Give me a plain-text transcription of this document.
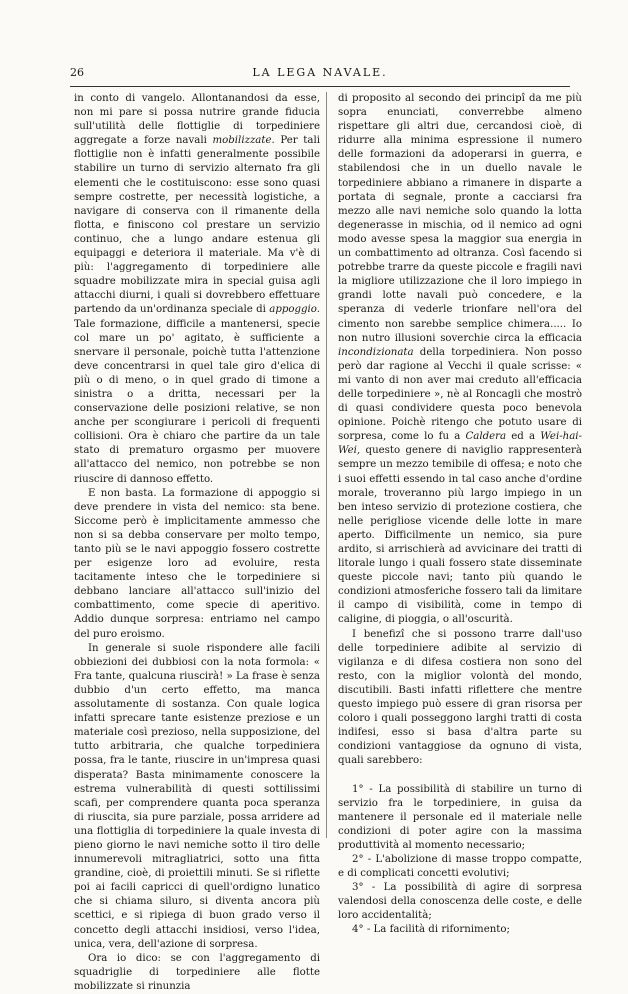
26	LA LEGA NAVALE.

in conto di vangelo. Allontanandosi da esse, non mi pare si possa nutrire grande fiducia sull'utilità delle flottiglie di torpediniere aggregate a forze navali mobilizzate. Per tali flottiglie non è infatti generalmente possibile stabilire un turno di servizio alternato fra gli elementi che le costituiscono: esse sono quasi sempre costrette, per necessità logistiche, a navigare di conserva con il rimanente della flotta, e finiscono col prestare un servizio continuo, che a lungo andare estenua gli equipaggi e deteriora il materiale. Ma v'è di più: l'aggregamento di torpediniere alle squadre mobilizzate mira in special guisa agli attacchi diurni, i quali si dovrebbero effettuare partendo da un'ordinanza speciale di appoggio. Tale formazione, difficile a mantenersi, specie col mare un po' agitato, è sufficiente a snervare il personale, poichè tutta l'attenzione deve concentrarsi in quel tale giro d'elica di più o di meno, o in quel grado di timone a sinistra o a dritta, necessari per la conservazione delle posizioni relative, se non anche per scongiurare i pericoli di frequenti collisioni. Ora è chiaro che partire da un tale stato di prematuro orgasmo per muovere all'attacco del nemico, non potrebbe se non riuscire di dannoso effetto.

E non basta. La formazione di appoggio si deve prendere in vista del nemico: sta bene. Siccome però è implicitamente ammesso che non si sa debba conservare per molto tempo, tanto più se le navi appoggio fossero costrette per esigenze loro ad evoluire, resta tacitamente inteso che le torpediniere si debbano lanciare all'attacco sull'inizio del combattimento, come specie di aperitivo. Addio dunque sorpresa: entriamo nel campo del puro eroismo.

In generale si suole rispondere alle facili obbiezioni dei dubbiosi con la nota formola: « Fra tante, qualcuna riuscirà! » La frase è senza dubbio d'un certo effetto, ma manca assolutamente di sostanza. Con quale logica infatti sprecare tante esistenze preziose e un materiale così prezioso, nella supposizione, del tutto arbitraria, che qualche torpediniera possa, fra le tante, riuscire in un'impresa quasi disperata? Basta minimamente conoscere la estrema vulnerabilità di questi sottilissimi scafi, per comprendere quanta poca speranza di riuscita, sia pure parziale, possa arridere ad una flottiglia di torpediniere la quale investa di pieno giorno le navi nemiche sotto il tiro delle innumerevoli mitragliatrici, sotto una fitta grandine, cioè, di proiettili minuti. Se si riflette poi ai facili capricci di quell'ordigno lunatico che si chiama siluro, si diventa ancora più scettici, e si ripiega di buon grado verso il concetto degli attacchi insidiosi, verso l'idea, unica, vera, dell'azione di sorpresa.

Ora io dico: se con l'aggregamento di squadriglie di torpediniere alle flotte mobilizzate si rinunzia

di proposito al secondo dei principî da me più sopra enunciati, converrebbe almeno rispettare gli altri due, cercandosi cioè, di ridurre alla minima espressione il numero delle formazioni da adoperarsi in guerra, e stabilendosi che in un duello navale le torpediniere abbiano a rimanere in disparte a portata di segnale, pronte a cacciarsi fra mezzo alle navi nemiche solo quando la lotta degenerasse in mischia, od il nemico ad ogni modo avesse spesa la maggior sua energia in un combattimento ad oltranza. Così facendo si potrebbe trarre da queste piccole e fragili navi la migliore utilizzazione che il loro impiego in grandi lotte navali può concedere, e la speranza di vederle trionfare nell'ora del cimento non sarebbe semplice chimera..... Io non nutro illusioni soverchie circa la efficacia incondizionata della torpediniera. Non posso però dar ragione al Vecchi il quale scrisse: « mi vanto di non aver mai creduto all'efficacia delle torpediniere », nè al Roncagli che mostrò di quasi condividere questa poco benevola opinione. Poichè ritengo che potuto usare di sorpresa, come lo fu a Caldera ed a Wei-hai-Wei, questo genere di naviglio rappresenterà sempre un mezzo temibile di offesa; e noto che i suoi effetti essendo in tal caso anche d'ordine morale, troveranno più largo impiego in un ben inteso servizio di protezione costiera, che nelle perigliose vicende delle lotte in mare aperto. Difficilmente un nemico, sia pure ardito, si arrischierà ad avvicinare dei tratti di litorale lungo i quali fossero state disseminate queste piccole navi; tanto più quando le condizioni atmosferiche fossero tali da limitare il campo di visibilità, come in tempo di caligine, di pioggia, o all'oscurità.

I benefizî che si possono trarre dall'uso delle torpediniere adibite al servizio di vigilanza e di difesa costiera non sono del resto, con la miglior volontà del mondo, discutibili. Basti infatti riflettere che mentre questo impiego può essere di gran risorsa per coloro i quali posseggono larghi tratti di costa indifesi, esso si basa d'altra parte su condizioni vantaggiose da ognuno di vista, quali sarebbero:

1° - La possibilità di stabilire un turno di servizio fra le torpediniere, in guisa da mantenere il personale ed il materiale nelle condizioni di poter agire con la massima produttività al momento necessario;

2° - L'abolizione di masse troppo compatte, e di complicati concetti evolutivi;

3° - La possibilità di agire di sorpresa valendosi della conoscenza delle coste, e delle loro accidentalità;

4° - La facilità di rifornimento;
